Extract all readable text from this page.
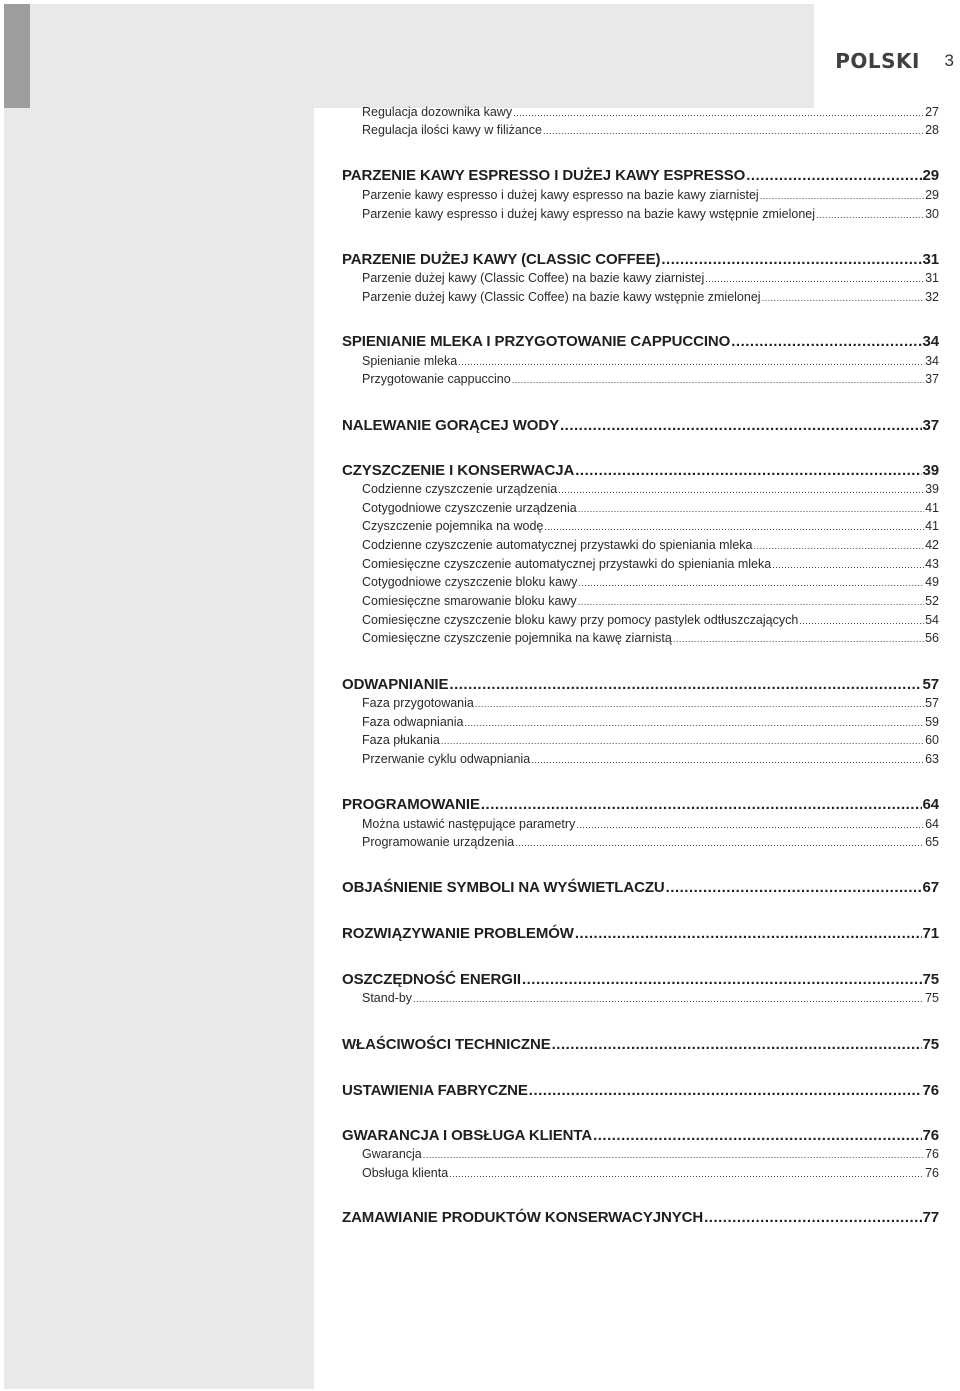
POLSKI 3
Regulacja dozownika kawy .....	27
Regulacja ilości kawy w filiżance .....	28
PARZENIE KAWY ESPRESSO I DUŻEJ KAWY ESPRESSO .....	29
Parzenie kawy espresso i dużej kawy espresso na bazie kawy ziarnistej .....	29
Parzenie kawy espresso i dużej kawy espresso na bazie kawy wstępnie zmielonej .....	30
PARZENIE DUŻEJ KAWY (CLASSIC COFFEE) .....	31
Parzenie dużej kawy (Classic Coffee) na bazie kawy ziarnistej .....	31
Parzenie dużej kawy (Classic Coffee) na bazie kawy wstępnie zmielonej .....	32
SPIENIANIE MLEKA I PRZYGOTOWANIE CAPPUCCINO .....	34
Spienianie mleka .....	34
Przygotowanie cappuccino .....	37
NALEWANIE GORĄCEJ WODY .....	37
CZYSZCZENIE I KONSERWACJA .....	39
Codzienne czyszczenie urządzenia .....	39
Cotygodniowe czyszczenie urządzenia .....	41
Czyszczenie pojemnika na wodę .....	41
Codzienne czyszczenie automatycznej przystawki do spieniania mleka .....	42
Comiesięczne czyszczenie automatycznej przystawki do spieniania mleka .....	43
Cotygodniowe czyszczenie bloku kawy .....	49
Comiesięczne smarowanie bloku kawy .....	52
Comiesięczne czyszczenie bloku kawy przy pomocy pastylek odtłuszczających .....	54
Comiesięczne czyszczenie pojemnika na kawę ziarnistą .....	56
ODWAPNIANIE .....	57
Faza przygotowania .....	57
Faza odwapniania .....	59
Faza płukania .....	60
Przerwanie cyklu odwapniania .....	63
PROGRAMOWANIE .....	64
Można ustawić następujące parametry .....	64
Programowanie urządzenia .....	65
OBJAŚNIENIE SYMBOLI NA WYŚWIETLACZU .....	67
ROZWIĄZYWANIE PROBLEMÓW .....	71
OSZCZĘDNOŚĆ ENERGII .....	75
Stand-by .....	75
WŁAŚCIWOŚCI TECHNICZNE .....	75
USTAWIENIA FABRYCZNE .....	76
GWARANCJA I OBSŁUGA KLIENTA .....	76
Gwarancja .....	76
Obsługa klienta .....	76
ZAMAWIANIE PRODUKTÓW KONSERWACYJNYCH .....	77
